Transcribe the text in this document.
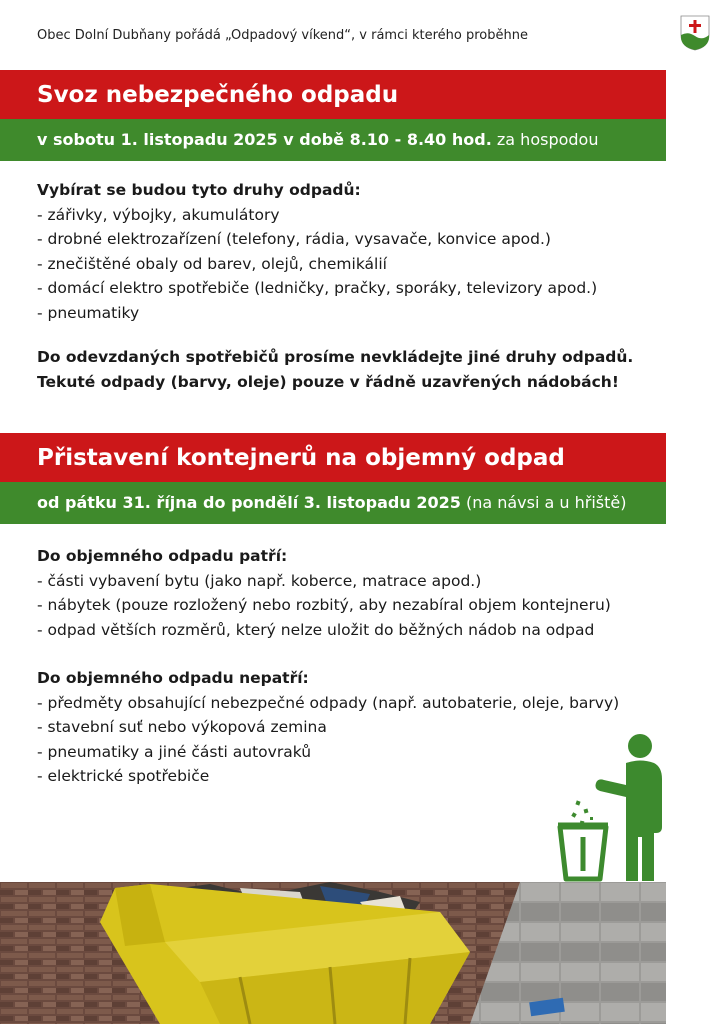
Obec Dolní Dubňany pořádá „Odpadový víkend“, v rámci kterého proběhne
Svoz nebezpečného odpadu
v sobotu 1. listopadu 2025 v době 8.10 - 8.40 hod. za hospodou
Vybírat se budou tyto druhy odpadů:
- zářivky, výbojky, akumulátory
- drobné elektrozařízení (telefony, rádia, vysavače, konvice apod.)
- znečištěné obaly od barev, olejů, chemikálií
- domácí elektro spotřebiče (ledničky, pračky, sporáky, televizory apod.)
- pneumatiky
Do odevzdaných spotřebičů prosíme nevkládejte jiné druhy odpadů.
Tekuté odpady (barvy, oleje) pouze v řádně uzavřených nádobách!
Přistavení kontejnerů na objemný odpad
od pátku 31. října do pondělí 3. listopadu 2025 (na návsi a u hřiště)
Do objemného odpadu patří:
- části vybavení bytu (jako např. koberce, matrace apod.)
- nábytek (pouze rozložený nebo rozbitý, aby nezabíral objem kontejneru)
- odpad větších rozměrů, který nelze uložit do běžných nádob na odpad
Do objemného odpadu nepatří:
- předměty obsahující nebezpečné odpady (např. autobaterie, oleje, barvy)
- stavební suť nebo výkopová zemina
- pneumatiky a jiné části autovraků
- elektrické spotřebiče
